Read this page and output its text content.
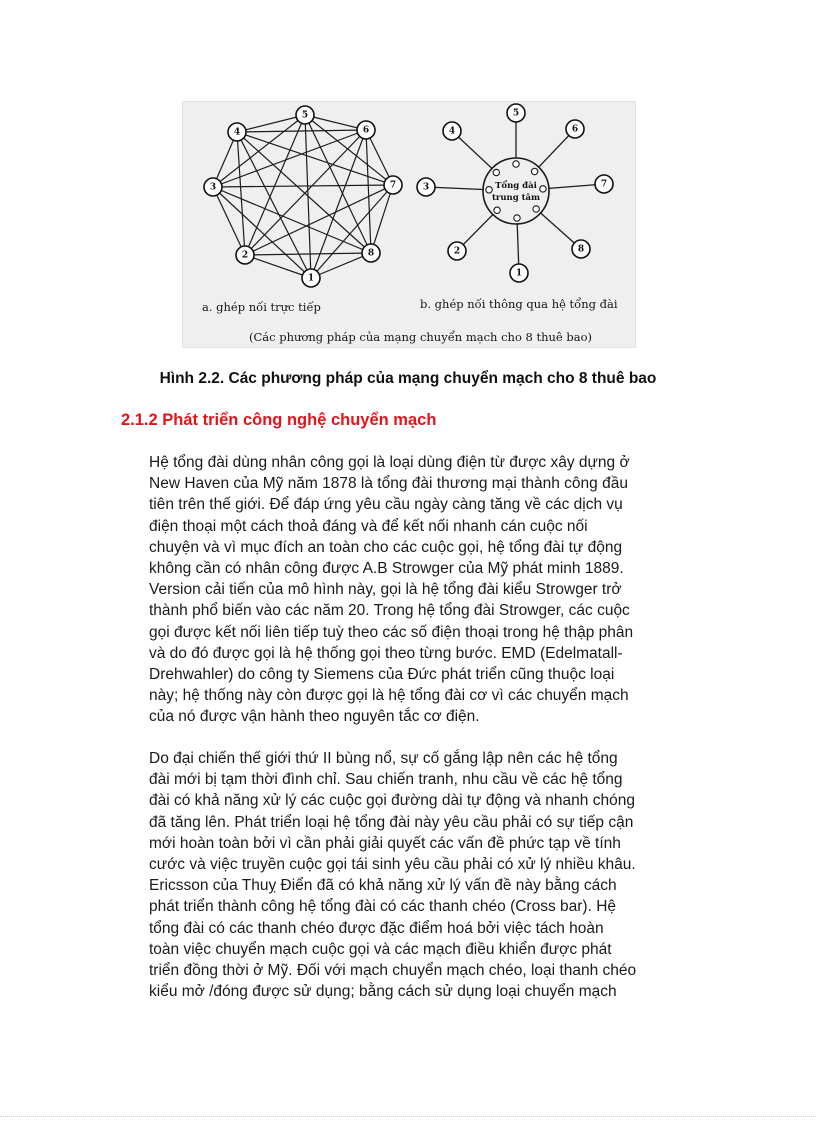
1
2
3
4
5
6
7
8
1
2
3
4
5
6
7
8
Tổng đài
trung tâm
a. ghép nối trực tiếp	b. ghép nối thông qua hệ tổng đài
(Các phương pháp của mạng chuyển mạch cho 8 thuê bao)

Hình 2.2. Các phương pháp của mạng chuyển mạch cho 8 thuê bao

2.1.2 Phát triển công nghệ chuyển mạch
Hệ tổng đài dùng nhân công gọi là loại dùng điện từ được xây dựng ở
New Haven của Mỹ năm 1878 là tổng đài thương mại thành công đầu
tiên trên thế giới. Để đáp ứng yêu cầu ngày càng tăng về các dịch vụ
điện thoại một cách thoả đáng và để kết nối nhanh cán cuộc nối
chuyện và vì mục đích an toàn cho các cuộc gọi, hệ tổng đài tự động
không cần có nhân công được A.B Strowger của Mỹ phát minh 1889.
Version cải tiến của mô hình này, gọi là hệ tổng đài kiểu Strowger trở
thành phổ biến vào các năm 20. Trong hệ tổng đài Strowger, các cuộc
gọi được kết nối liên tiếp tuỳ theo các số điện thoại trong hệ thập phân
và do đó được gọi là hệ thống gọi theo từng bước. EMD (Edelmatall-
Drehwahler) do công ty Siemens của Đức phát triển cũng thuộc loại
này; hệ thống này còn được gọi là hệ tổng đài cơ vì các chuyển mạch
của nó được vận hành theo nguyên tắc cơ điện.
Do đại chiến thế giới thứ II bùng nổ, sự cố gắng lập nên các hệ tổng
đài mới bị tạm thời đình chỉ. Sau chiến tranh, nhu cầu về các hệ tổng
đài có khả năng xử lý các cuộc gọi đường dài tự động và nhanh chóng
đã tăng lên. Phát triển loại hệ tổng đài này yêu cầu phải có sự tiếp cận
mới hoàn toàn bởi vì cần phải giải quyết các vấn đề phức tạp về tính
cước và việc truyền cuộc gọi tái sinh yêu cầu phải có xử lý nhiều khâu.
Ericsson của Thuỵ Điển đã có khả năng xử lý vấn đề này bằng cách
phát triển thành công hệ tổng đài có các thanh chéo (Cross bar). Hệ
tổng đài có các thanh chéo được đặc điểm hoá bởi việc tách hoàn
toàn việc chuyển mạch cuộc gọi và các mạch điều khiển được phát
triển đồng thời ở Mỹ. Đối với mạch chuyển mạch chéo, loại thanh chéo
kiểu mở /đóng được sử dụng; bằng cách sử dụng loại chuyển mạch
